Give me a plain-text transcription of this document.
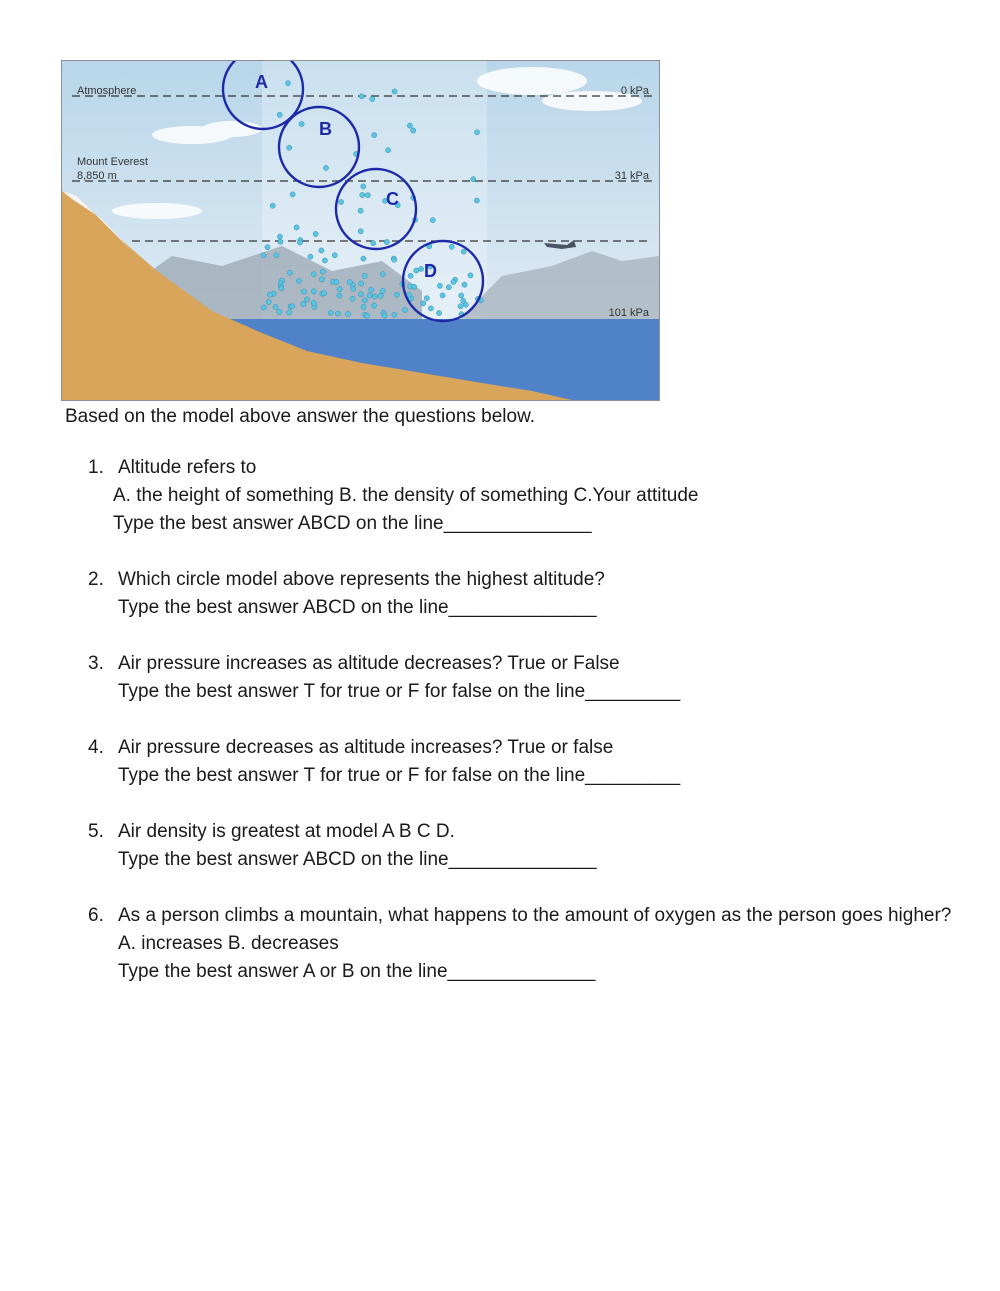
Atmosphere
Mount Everest
8,850 m
0 kPa
31 kPa
101 kPa
A
B
C
D

Based on the model above answer the questions below.

1. Altitude refers to
A. the height of something B. the density of something C.Your attitude
Type the best answer ABCD on the line______________
2. Which circle model above represents the highest altitude?
Type the best answer ABCD on the line______________
3. Air pressure increases as altitude decreases? True or False
Type the best answer T for true or F for false on the line_________
4. Air pressure decreases as altitude increases? True or false
Type the best answer T for true or F for false on the line_________
5. Air density is greatest at model A B C D.
Type the best answer ABCD on the line______________
6. As a person climbs a mountain, what happens to the amount of oxygen as the person goes higher? A. increases B. decreases
Type the best answer A or B on the line______________
